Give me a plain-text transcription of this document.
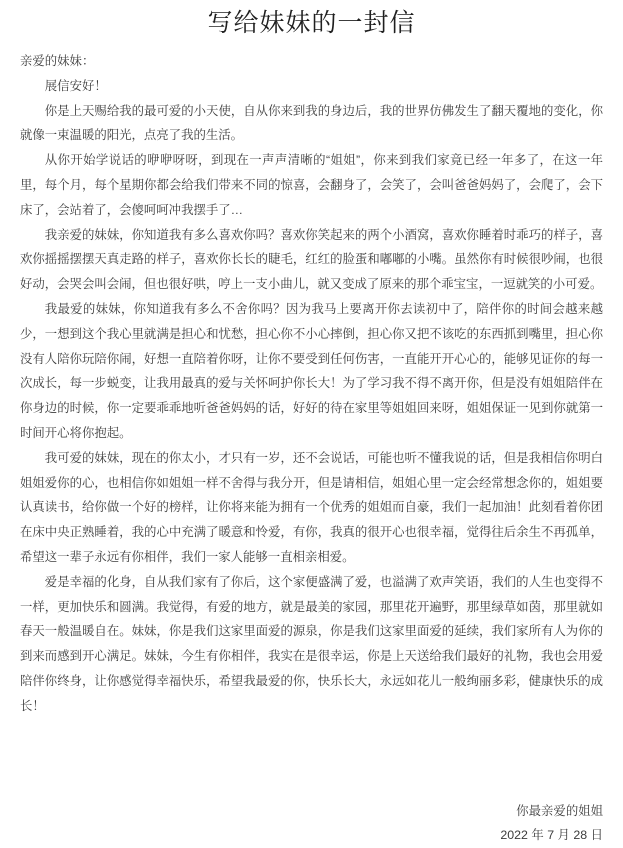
写给妹妹的一封信

亲爱的妹妹：

展信安好！

你是上天赐给我的最可爱的小天使，自从你来到我的身边后，我的世界仿佛发生了翻天覆地的变化，你就像一束温暖的阳光，点亮了我的生活。

从你开始学说话的咿咿呀呀，到现在一声声清晰的“姐姐”，你来到我们家竟已经一年多了，在这一年里，每个月，每个星期你都会给我们带来不同的惊喜，会翻身了，会笑了，会叫爸爸妈妈了，会爬了，会下床了，会站着了，会傻呵呵冲我摆手了…

我亲爱的妹妹，你知道我有多么喜欢你吗？喜欢你笑起来的两个小酒窝，喜欢你睡着时乖巧的样子，喜欢你摇摇摆摆天真走路的样子，喜欢你长长的睫毛，红红的脸蛋和嘟嘟的小嘴。虽然你有时候很吵闹，也很好动，会哭会叫会闹，但也很好哄，哼上一支小曲儿，就又变成了原来的那个乖宝宝，一逗就笑的小可爱。

我最爱的妹妹，你知道我有多么不舍你吗？因为我马上要离开你去读初中了，陪伴你的时间会越来越少，一想到这个我心里就满是担心和忧愁，担心你不小心摔倒，担心你又把不该吃的东西抓到嘴里，担心你没有人陪你玩陪你闹，好想一直陪着你呀，让你不要受到任何伤害，一直能开开心心的，能够见证你的每一次成长，每一步蜕变，让我用最真的爱与关怀呵护你长大！为了学习我不得不离开你，但是没有姐姐陪伴在你身边的时候，你一定要乖乖地听爸爸妈妈的话，好好的待在家里等姐姐回来呀，姐姐保证一见到你就第一时间开心将你抱起。

我可爱的妹妹，现在的你太小，才只有一岁，还不会说话，可能也听不懂我说的话，但是我相信你明白姐姐爱你的心，也相信你如姐姐一样不舍得与我分开，但是请相信，姐姐心里一定会经常想念你的，姐姐要认真读书，给你做一个好的榜样，让你将来能为拥有一个优秀的姐姐而自豪，我们一起加油！此刻看着你团在床中央正熟睡着，我的心中充满了暖意和怜爱，有你，我真的很开心也很幸福，觉得往后余生不再孤单，希望这一辈子永远有你相伴，我们一家人能够一直相亲相爱。

爱是幸福的化身，自从我们家有了你后，这个家便盛满了爱，也溢满了欢声笑语，我们的人生也变得不一样，更加快乐和圆满。我觉得，有爱的地方，就是最美的家园，那里花开遍野，那里绿草如茵，那里就如春天一般温暖自在。妹妹，你是我们这家里面爱的源泉，你是我们这家里面爱的延续，我们家所有人为你的到来而感到开心满足。妹妹，今生有你相伴，我实在是很幸运，你是上天送给我们最好的礼物，我也会用爱陪伴你终身，让你感觉得幸福快乐，希望我最爱的你，快乐长大，永远如花儿一般绚丽多彩，健康快乐的成长！

你最亲爱的姐姐

2022 年 7 月 28 日
